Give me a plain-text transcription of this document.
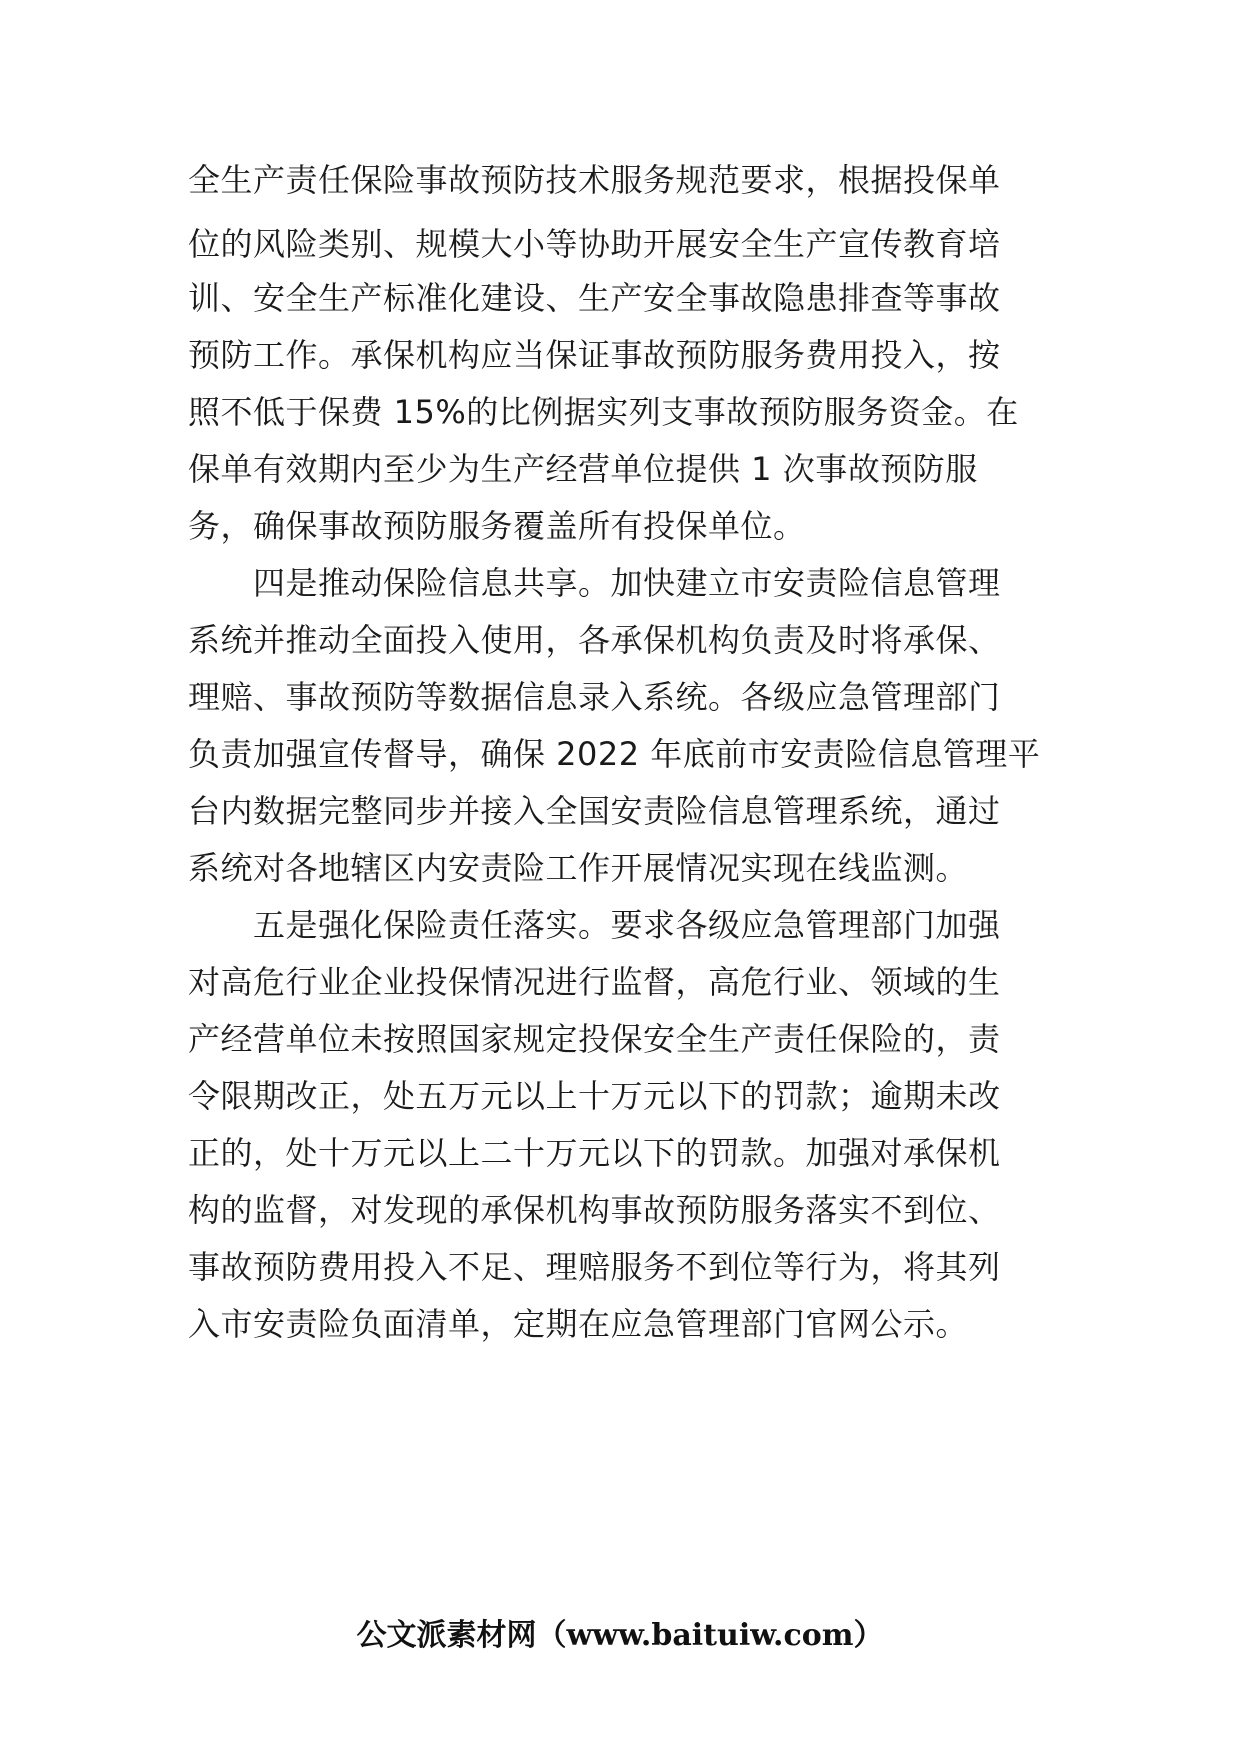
全生产责任保险事故预防技术服务规范要求，根据投保单
位的风险类别、规模大小等协助开展安全生产宣传教育培
训、安全生产标准化建设、生产安全事故隐患排查等事故
预防工作。承保机构应当保证事故预防服务费用投入，按
照不低于保费 15%的比例据实列支事故预防服务资金。在
保单有效期内至少为生产经营单位提供 1 次事故预防服
务，确保事故预防服务覆盖所有投保单位。
四是推动保险信息共享。加快建立市安责险信息管理
系统并推动全面投入使用，各承保机构负责及时将承保、
理赔、事故预防等数据信息录入系统。各级应急管理部门
负责加强宣传督导，确保 2022 年底前市安责险信息管理平
台内数据完整同步并接入全国安责险信息管理系统，通过
系统对各地辖区内安责险工作开展情况实现在线监测。
五是强化保险责任落实。要求各级应急管理部门加强
对高危行业企业投保情况进行监督，高危行业、领域的生
产经营单位未按照国家规定投保安全生产责任保险的，责
令限期改正，处五万元以上十万元以下的罚款；逾期未改
正的，处十万元以上二十万元以下的罚款。加强对承保机
构的监督，对发现的承保机构事故预防服务落实不到位、
事故预防费用投入不足、理赔服务不到位等行为，将其列
入市安责险负面清单，定期在应急管理部门官网公示。
公文派素材网（www.baituiw.com）
